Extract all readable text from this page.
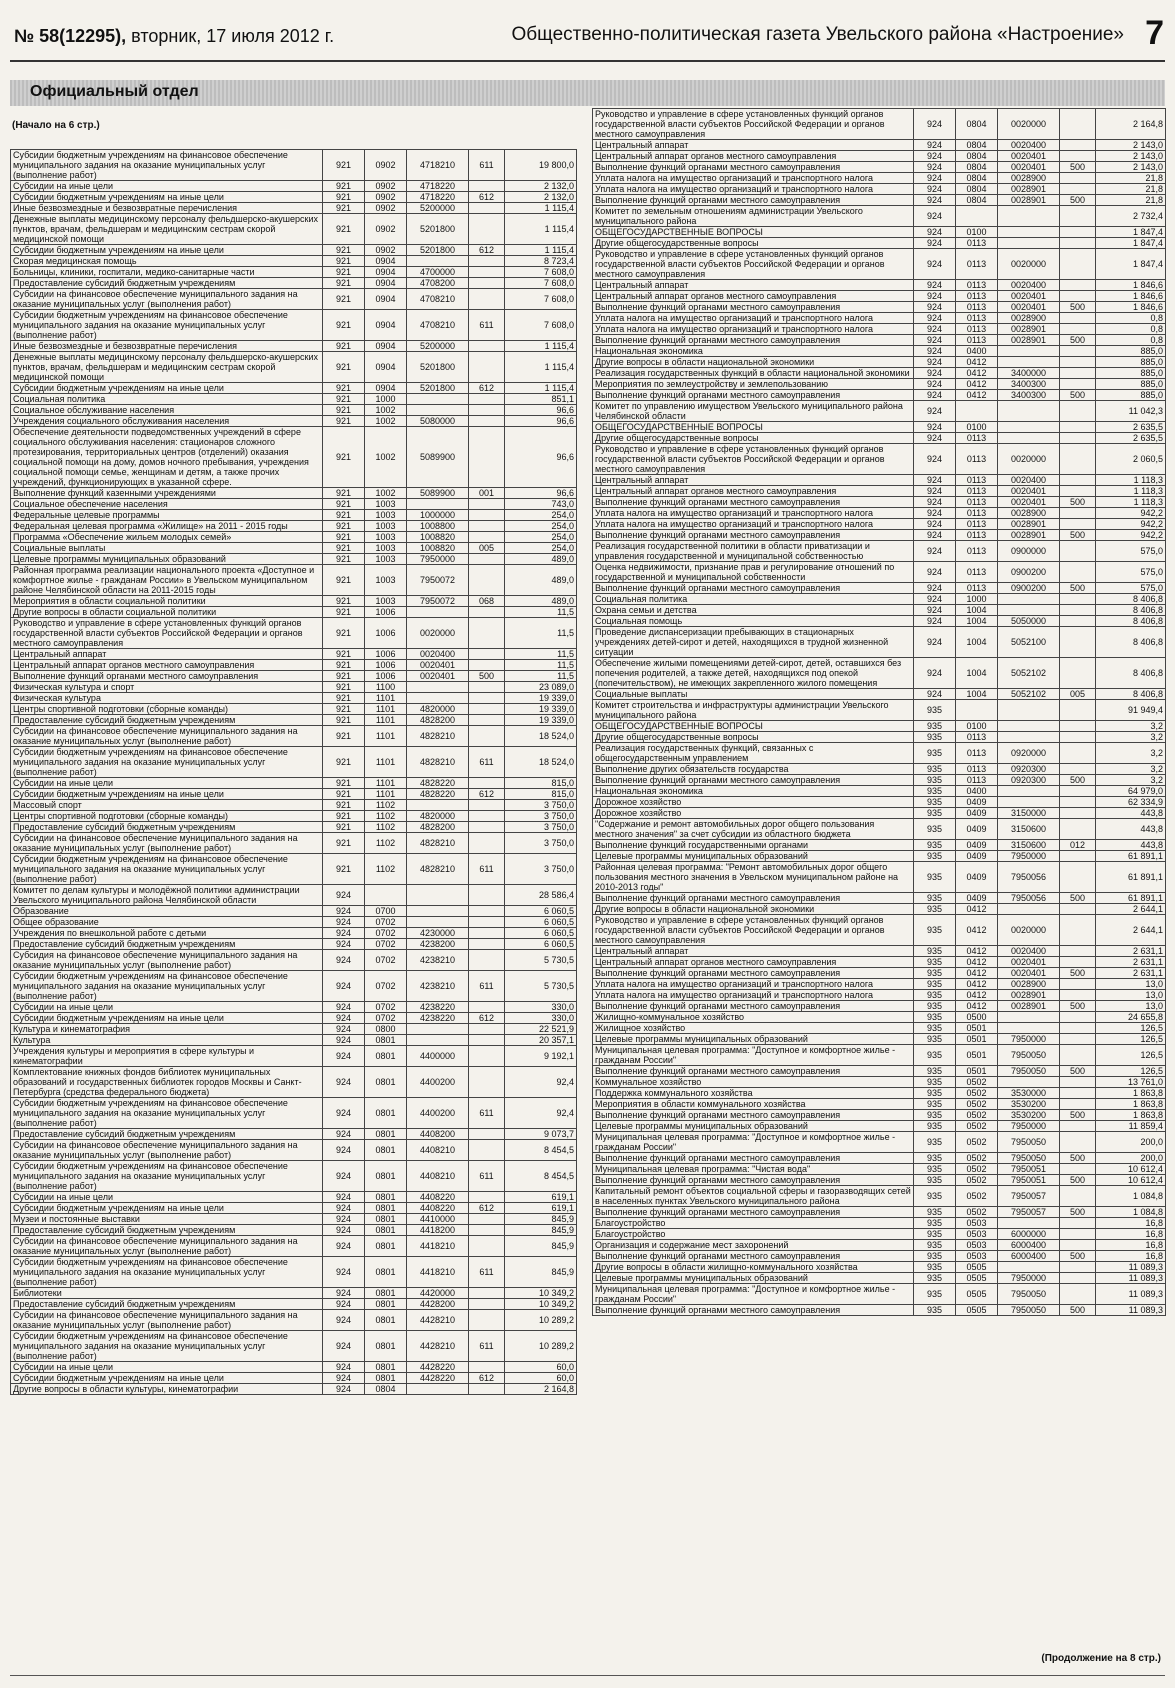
№ 58(12295), вторник, 17 июля 2012 г.	Общественно-политическая газета Увельского района «Настроение» 7
Официальный отдел
(Начало на 6 стр.)
Субсидии бюджетным учреждениям на финансовое обеспечение муниципального задания на оказание муниципальных услуг (выполнение работ)	921	0902	4718210	611	19 800,0
Субсидии на иные цели	921	0902	4718220		2 132,0
Субсидии бюджетным учреждениям на иные цели	921	0902	4718220	612	2 132,0
Иные безвозмездные и безвозвратные перечисления	921	0902	5200000		1 115,4
Денежные выплаты медицинскому персоналу фельдшерско-акушерских пунктов, врачам, фельдшерам и медицинским сестрам скорой медицинской помощи	921	0902	5201800		1 115,4
Субсидии бюджетным учреждениям на иные цели	921	0902	5201800	612	1 115,4
Скорая медицинская помощь	921	0904			8 723,4
Больницы, клиники, госпитали, медико-санитарные части	921	0904	4700000		7 608,0
Предоставление субсидий бюджетным учреждениям	921	0904	4708200		7 608,0
Субсидии на финансовое обеспечение муниципального задания на оказание муниципальных услуг (выполнения работ)	921	0904	4708210		7 608,0
Субсидии бюджетным учреждениям на финансовое обеспечение муниципального задания на оказание муниципальных услуг (выполнение работ)	921	0904	4708210	611	7 608,0
Иные безвозмездные и безвозвратные перечисления	921	0904	5200000		1 115,4
Денежные выплаты медицинскому персоналу фельдшерско-акушерских пунктов, врачам, фельдшерам и медицинским сестрам скорой медицинской помощи	921	0904	5201800		1 115,4
Субсидии бюджетным учреждениям на иные цели	921	0904	5201800	612	1 115,4
Социальная политика	921	1000			851,1
Социальное обслуживание населения	921	1002			96,6
Учреждения социального обслуживания населения	921	1002	5080000		96,6
Обеспечение деятельности подведомственных учреждений в сфере социального обслуживания населения: стационаров сложного протезирования, территориальных центров (отделений) оказания социальной помощи на дому, домов ночного пребывания, учреждения социальной помощи семье, женщинам и детям, а также прочих учреждений, функционирующих в указанной сфере.	921	1002	5089900		96,6
Выполнение функций казенными учреждениями	921	1002	5089900	001	96,6
Социальное обеспечение населения	921	1003			743,0
Федеральные целевые программы	921	1003	1000000		254,0
Федеральная целевая программа «Жилище» на 2011 - 2015 годы	921	1003	1008800		254,0
Программа «Обеспечение жильем молодых семей»	921	1003	1008820		254,0
Социальные выплаты	921	1003	1008820	005	254,0
Целевые программы муниципальных образований	921	1003	7950000		489,0
Районная программа реализации национального проекта «Доступное и комфортное жилье - гражданам России» в Увельском муниципальном районе Челябинской области на 2011-2015 годы	921	1003	7950072		489,0
Мероприятия в области социальной политики	921	1003	7950072	068	489,0
Другие вопросы в области социальной политики	921	1006			11,5
Руководство и управление в сфере установленных функций органов государственной власти субъектов Российской Федерации и органов местного самоуправления	921	1006	0020000		11,5
Центральный аппарат	921	1006	0020400		11,5
Центральный аппарат органов местного самоуправления	921	1006	0020401		11,5
Выполнение функций органами местного самоуправления	921	1006	0020401	500	11,5
Физическая культура и спорт	921	1100			23 089,0
Физическая культура	921	1101			19 339,0
Центры спортивной подготовки (сборные команды)	921	1101	4820000		19 339,0
Предоставление субсидий бюджетным учреждениям	921	1101	4828200		19 339,0
Субсидии на финансовое обеспечение муниципального задания на оказание муниципальных услуг (выполнение работ)	921	1101	4828210		18 524,0
Субсидии бюджетным учреждениям на финансовое обеспечение муниципального задания на оказание муниципальных услуг (выполнение работ)	921	1101	4828210	611	18 524,0
Субсидии на иные цели	921	1101	4828220		815,0
Субсидии бюджетным учреждениям на иные цели	921	1101	4828220	612	815,0
Массовый спорт	921	1102			3 750,0
Центры спортивной подготовки (сборные команды)	921	1102	4820000		3 750,0
Предоставление субсидий бюджетным учреждениям	921	1102	4828200		3 750,0
Субсидии на финансовое обеспечение муниципального задания на оказание муниципальных услуг (выполнение работ)	921	1102	4828210		3 750,0
Субсидии бюджетным учреждениям на финансовое обеспечение муниципального задания на оказание муниципальных услуг (выполнение работ)	921	1102	4828210	611	3 750,0
Комитет по делам культуры и молодёжной политики администрации Увельского муниципального района Челябинской области	924				28 586,4
Образование	924	0700			6 060,5
Общее образование	924	0702			6 060,5
Учреждения по внешкольной работе с детьми	924	0702	4230000		6 060,5
Предоставление субсидий бюджетным учреждениям	924	0702	4238200		6 060,5
Субсидия на финансовое обеспечение муниципального задания на оказание муниципальных услуг (выполнение работ)	924	0702	4238210		5 730,5
Субсидии бюджетным учреждениям на финансовое обеспечение муниципального задания на оказание муниципальных услуг (выполнение работ)	924	0702	4238210	611	5 730,5
Субсидии на иные цели	924	0702	4238220		330,0
Субсидии бюджетным учреждениям на иные цели	924	0702	4238220	612	330,0
Культура и кинематография	924	0800			22 521,9
Культура	924	0801			20 357,1
Учреждения культуры и мероприятия в сфере культуры и кинематографии	924	0801	4400000		9 192,1
Комплектование книжных фондов библиотек муниципальных образований и государственных библиотек городов Москвы и Санкт-Петербурга (средства федерального бюджета)	924	0801	4400200		92,4
Субсидии бюджетным учреждениям на финансовое обеспечение муниципального задания на оказание муниципальных услуг (выполнение работ)	924	0801	4400200	611	92,4
Предоставление субсидий бюджетным учреждениям	924	0801	4408200		9 073,7
Субсидии на финансовое обеспечение муниципального задания на оказание муниципальных услуг (выполнение работ)	924	0801	4408210		8 454,5
Субсидии бюджетным учреждениям на финансовое обеспечение муниципального задания на оказание муниципальных услуг (выполнение работ)	924	0801	4408210	611	8 454,5
Субсидии на иные цели	924	0801	4408220		619,1
Субсидии бюджетным учреждениям на иные цели	924	0801	4408220	612	619,1
Музеи и постоянные выставки	924	0801	4410000		845,9
Предоставление субсидий бюджетным учреждениям	924	0801	4418200		845,9
Субсидии на финансовое обеспечение муниципального задания на оказание муниципальных услуг (выполнение работ)	924	0801	4418210		845,9
Субсидии бюджетным учреждениям на финансовое обеспечение муниципального задания на оказание муниципальных услуг (выполнение работ)	924	0801	4418210	611	845,9
Библиотеки	924	0801	4420000		10 349,2
Предоставление субсидий бюджетным учреждениям	924	0801	4428200		10 349,2
Субсидии на финансовое обеспечение муниципального задания на оказание муниципальных услуг (выполнение работ)	924	0801	4428210		10 289,2
Субсидии бюджетным учреждениям на финансовое обеспечение муниципального задания на оказание муниципальных услуг (выполнение работ)	924	0801	4428210	611	10 289,2
Субсидии на иные цели	924	0801	4428220		60,0
Субсидии бюджетным учреждениям на иные цели	924	0801	4428220	612	60,0
Другие вопросы в области культуры, кинематографии	924	0804			2 164,8
Руководство и управление в сфере установленных функций органов государственной власти субъектов Российской Федерации и органов местного самоуправления	924	0804	0020000		2 164,8
Центральный аппарат	924	0804	0020400		2 143,0
Центральный аппарат органов местного самоуправления	924	0804	0020401		2 143,0
Выполнение функций органами местного самоуправления	924	0804	0020401	500	2 143,0
Уплата налога на имущество организаций и транспортного налога	924	0804	0028900		21,8
Уплата налога на имущество организаций и транспортного налога	924	0804	0028901		21,8
Выполнение функций органами местного самоуправления	924	0804	0028901	500	21,8
Комитет по земельным отношениям администрации Увельского муниципального района	924				2 732,4
ОБЩЕГОСУДАРСТВЕННЫЕ ВОПРОСЫ	924	0100			1 847,4
Другие общегосударственные вопросы	924	0113			1 847,4
Руководство и управление в сфере установленных функций органов государственной власти субъектов Российской Федерации и органов местного самоуправления	924	0113	0020000		1 847,4
Центральный аппарат	924	0113	0020400		1 846,6
Центральный аппарат органов местного самоуправления	924	0113	0020401		1 846,6
Выполнение функций органами местного самоуправления	924	0113	0020401	500	1 846,6
Уплата налога на имущество организаций и транспортного налога	924	0113	0028900		0,8
Уплата налога на имущество организаций и транспортного налога	924	0113	0028901		0,8
Выполнение функций органами местного самоуправления	924	0113	0028901	500	0,8
Национальная экономика	924	0400			885,0
Другие вопросы в области национальной экономики	924	0412			885,0
Реализация государственных функций в области национальной экономики	924	0412	3400000		885,0
Мероприятия по землеустройству и землепользованию	924	0412	3400300		885,0
Выполнение функций органами местного самоуправления	924	0412	3400300	500	885,0
Комитет по управлению имуществом Увельского муниципального района Челябинской области	924				11 042,3
ОБЩЕГОСУДАРСТВЕННЫЕ ВОПРОСЫ	924	0100			2 635,5
Другие общегосударственные вопросы	924	0113			2 635,5
Руководство и управление в сфере установленных функций органов государственной власти субъектов Российской Федерации и органов местного самоуправления	924	0113	0020000		2 060,5
Центральный аппарат	924	0113	0020400		1 118,3
Центральный аппарат органов местного самоуправления	924	0113	0020401		1 118,3
Выполнение функций органами местного самоуправления	924	0113	0020401	500	1 118,3
Уплата налога на имущество организаций и транспортного налога	924	0113	0028900		942,2
Уплата налога на имущество организаций и транспортного налога	924	0113	0028901		942,2
Выполнение функций органами местного самоуправления	924	0113	0028901	500	942,2
Реализация государственной политики в области приватизации и управления государственной и муниципальной собственностью	924	0113	0900000		575,0
Оценка недвижимости, признание прав и регулирование отношений по государственной и муниципальной собственности	924	0113	0900200		575,0
Выполнение функций органами местного самоуправления	924	0113	0900200	500	575,0
Социальная политика	924	1000			8 406,8
Охрана семьи и детства	924	1004			8 406,8
Социальная помощь	924	1004	5050000		8 406,8
Проведение диспансеризации пребывающих в стационарных учреждениях детей-сирот и детей, находящихся в трудной жизненной ситуации	924	1004	5052100		8 406,8
Обеспечение жилыми помещениями детей-сирот, детей, оставшихся без попечения родителей, а также детей, находящихся под опекой (попечительством), не имеющих закрепленного жилого помещения	924	1004	5052102		8 406,8
Социальные выплаты	924	1004	5052102	005	8 406,8
Комитет строительства и инфраструктуры администрации Увельского муниципального района	935				91 949,4
ОБЩЕГОСУДАРСТВЕННЫЕ ВОПРОСЫ	935	0100			3,2
Другие общегосударственные вопросы	935	0113			3,2
Реализация государственных функций, связанных с общегосударственным управлением	935	0113	0920000		3,2
Выполнение других обязательств государства	935	0113	0920300		3,2
Выполнение функций органами местного самоуправления	935	0113	0920300	500	3,2
Национальная экономика	935	0400			64 979,0
Дорожное хозяйство	935	0409			62 334,9
Дорожное хозяйство	935	0409	3150000		443,8
"Содержание и ремонт автомобильных дорог общего пользования местного значения" за счет субсидии из областного бюджета	935	0409	3150600		443,8
Выполнение функций государственными органами	935	0409	3150600	012	443,8
Целевые программы муниципальных образований	935	0409	7950000		61 891,1
Районная целевая программа: "Ремонт автомобильных дорог общего пользования местного значения в Увельском муниципальном районе на 2010-2013 годы"	935	0409	7950056		61 891,1
Выполнение функций органами местного самоуправления	935	0409	7950056	500	61 891,1
Другие вопросы в области национальной экономики	935	0412			2 644,1
Руководство и управление в сфере установленных функций органов государственной власти субъектов Российской Федерации и органов местного самоуправления	935	0412	0020000		2 644,1
Центральный аппарат	935	0412	0020400		2 631,1
Центральный аппарат органов местного самоуправления	935	0412	0020401		2 631,1
Выполнение функций органами местного самоуправления	935	0412	0020401	500	2 631,1
Уплата налога на имущество организаций и транспортного налога	935	0412	0028900		13,0
Уплата налога на имущество организаций и транспортного налога	935	0412	0028901		13,0
Выполнение функций органами местного самоуправления	935	0412	0028901	500	13,0
Жилищно-коммунальное хозяйство	935	0500			24 655,8
Жилищное хозяйство	935	0501			126,5
Целевые программы муниципальных образований	935	0501	7950000		126,5
Муниципальная целевая программа: "Доступное и комфортное жилье - гражданам России"	935	0501	7950050		126,5
Выполнение функций органами местного самоуправления	935	0501	7950050	500	126,5
Коммунальное хозяйство	935	0502			13 761,0
Поддержка коммунального хозяйства	935	0502	3530000		1 863,8
Мероприятия в области коммунального хозяйства	935	0502	3530200		1 863,8
Выполнение функций органами местного самоуправления	935	0502	3530200	500	1 863,8
Целевые программы муниципальных образований	935	0502	7950000		11 859,4
Муниципальная целевая программа: "Доступное и комфортное жилье - гражданам России"	935	0502	7950050		200,0
Выполнение функций органами местного самоуправления	935	0502	7950050	500	200,0
Муниципальная целевая программа: "Чистая вода"	935	0502	7950051		10 612,4
Выполнение функций органами местного самоуправления	935	0502	7950051	500	10 612,4
Капитальный ремонт объектов социальной сферы и газоразводящих сетей в населенных пунктах Увельского муниципального района	935	0502	7950057		1 084,8
Выполнение функций органами местного самоуправления	935	0502	7950057	500	1 084,8
Благоустройство	935	0503			16,8
Благоустройство	935	0503	6000000		16,8
Организация и содержание мест захоронений	935	0503	6000400		16,8
Выполнение функций органами местного самоуправления	935	0503	6000400	500	16,8
Другие вопросы в области жилищно-коммунального хозяйства	935	0505			11 089,3
Целевые программы муниципальных образований	935	0505	7950000		11 089,3
Муниципальная целевая программа: "Доступное и комфортное жилье - гражданам России"	935	0505	7950050		11 089,3
Выполнение функций органами местного самоуправления	935	0505	7950050	500	11 089,3
(Продолжение на 8 стр.)
